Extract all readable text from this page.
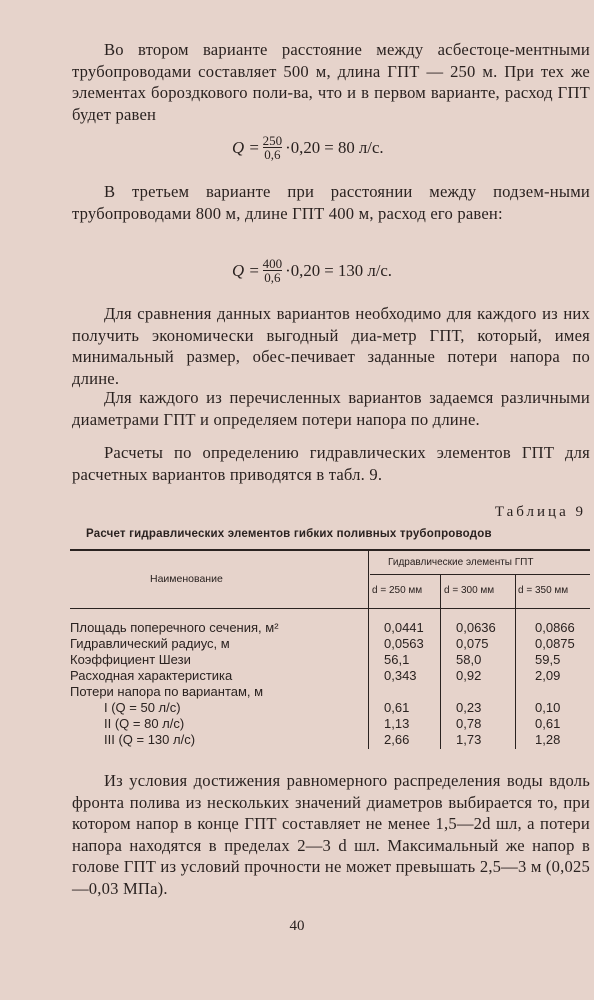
Во втором варианте расстояние между асбестоце-ментными трубопроводами составляет 500 м, длина ГПТ — 250 м. При тех же элементах бороздкового поли-ва, что и в первом варианте, расход ГПТ будет равен
$Q = \frac{250}{0,6} \cdot 0,20 = 80$ л/с.
В третьем варианте при расстоянии между подзем-ными трубопроводами 800 м, длине ГПТ 400 м, расход его равен:
$Q = \frac{400}{0,6} \cdot 0,20 = 130$ л/с.
Для сравнения данных вариантов необходимо для каждого из них получить экономически выгодный диа-метр ГПТ, который, имея минимальный размер, обес-печивает заданные потери напора по длине.
Для каждого из перечисленных вариантов задаемся различными диаметрами ГПТ и определяем потери напора по длине.
Расчеты по определению гидравлических элементов ГПТ для расчетных вариантов приводятся в табл. 9.
Таблица 9
Расчет гидравлических элементов гибких поливных трубопроводов
Наименование
Гидравлические элементы ГПТ
d = 250 мм d = 300 мм d = 350 мм
Площадь поперечного сечения, м²	0,0441 0,0636	0,0866
Гидравлический радиус, м	0,0563 0,075	0,0875
Коэффициент Шези	56,1	58,0	59,5
Расходная характеристика	0,343	0,92	2,09
Потери напора по вариантам, м
I (Q = 50 л/с)	0,61	0,23	0,10
II (Q = 80 л/с)	1,13	0,78	0,61
III (Q = 130 л/с)	2,66	1,73	1,28
Из условия достижения равномерного распределения воды вдоль фронта полива из нескольких значений диаметров выбирается то, при котором напор в конце ГПТ составляет не менее 1,5—2d шл, а потери напора находятся в пределах 2—3 d шл. Максимальный же напор в голове ГПТ из условий прочности не может превышать 2,5—3 м (0,025—0,03 МПа).
40
